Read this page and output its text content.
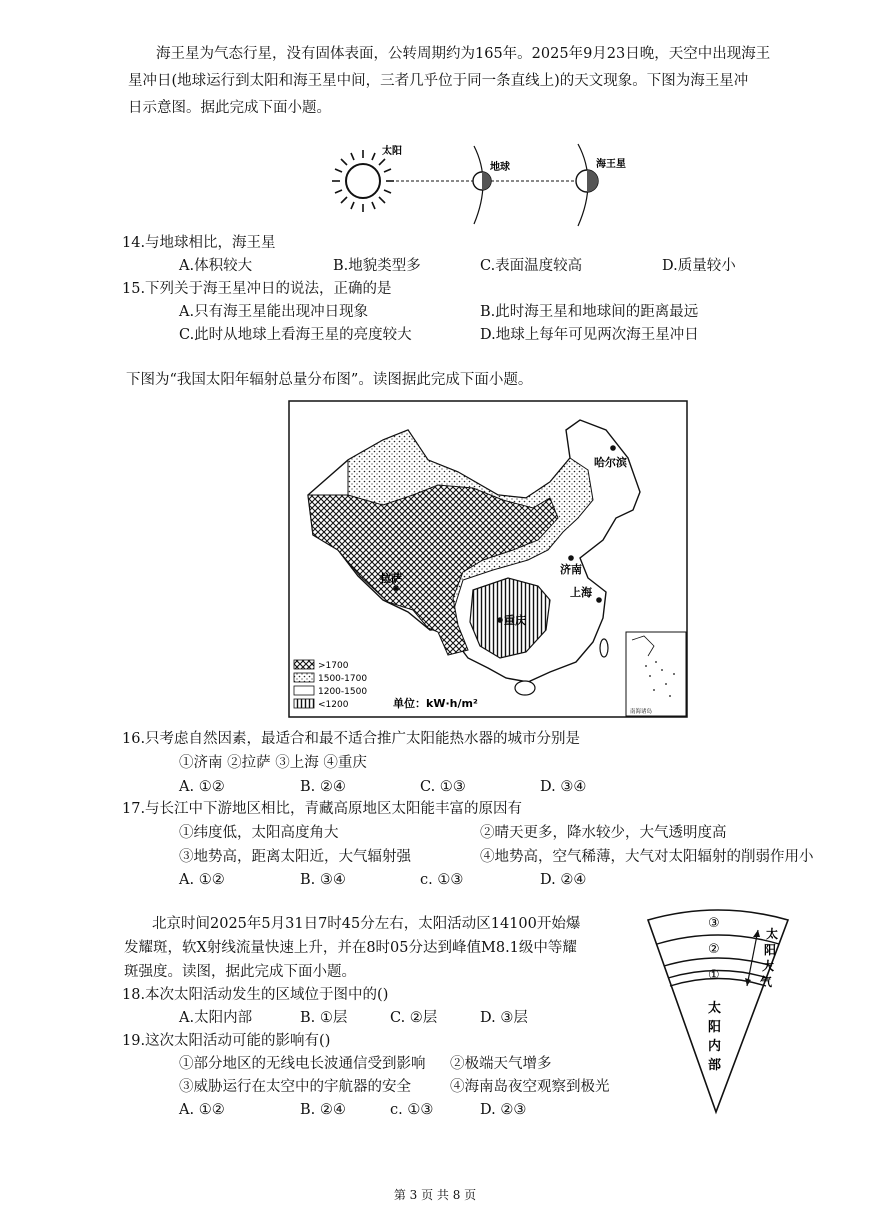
海王星为气态行星，没有固体表面，公转周期约为165年。2025年9月23日晚，天空中出现海王
星冲日(地球运行到太阳和海王星中间，三者几乎位于同一条直线上)的天文现象。下图为海王星冲
日示意图。据此完成下面小题。
太阳
地球	海王星
14.与地球相比，海王星
A.体积较大	B.地貌类型多	C.表面温度较高	D.质量较小
15.下列关于海王星冲日的说法，正确的是
A.只有海王星能出现冲日现象	B.此时海王星和地球间的距离最远
C.此时从地球上看海王星的亮度较大	D.地球上每年可见两次海王星冲日
下图为“我国太阳年辐射总量分布图”。读图据此完成下面小题。
哈尔滨
济南
拉萨
上海
重庆
>1700
1500-1700
1200-1500
<1200	单位：kW·h/m²
南海诸岛
16.只考虑自然因素，最适合和最不适合推广太阳能热水器的城市分别是
①济南 ②拉萨 ③上海 ④重庆
A. ①②	B. ②④	C. ①③	D. ③④
17.与长江中下游地区相比，青藏高原地区太阳能丰富的原因有
①纬度低，太阳高度角大	②晴天更多，降水较少，大气透明度高
③地势高，距离太阳近，大气辐射强	④地势高，空气稀薄，大气对太阳辐射的削弱作用小
A. ①②	B. ③④	c. ①③	D. ②④
北京时间2025年5月31日7时45分左右，太阳活动区14100开始爆
发耀斑，软X射线流量快速上升，并在8时05分达到峰值M8.1级中等耀
斑强度。读图，据此完成下面小题。
③
②
①
太阳大气
太阳内部
18.本次太阳活动发生的区域位于图中的()
A.太阳内部	B. ①层	C. ②层	D. ③层
19.这次太阳活动可能的影响有()
①部分地区的无线电长波通信受到影响 ②极端天气增多
③威胁运行在太空中的宇航器的安全	④海南岛夜空观察到极光
A. ①②	B. ②④	c. ①③	D. ②③
第 3 页 共 8 页
